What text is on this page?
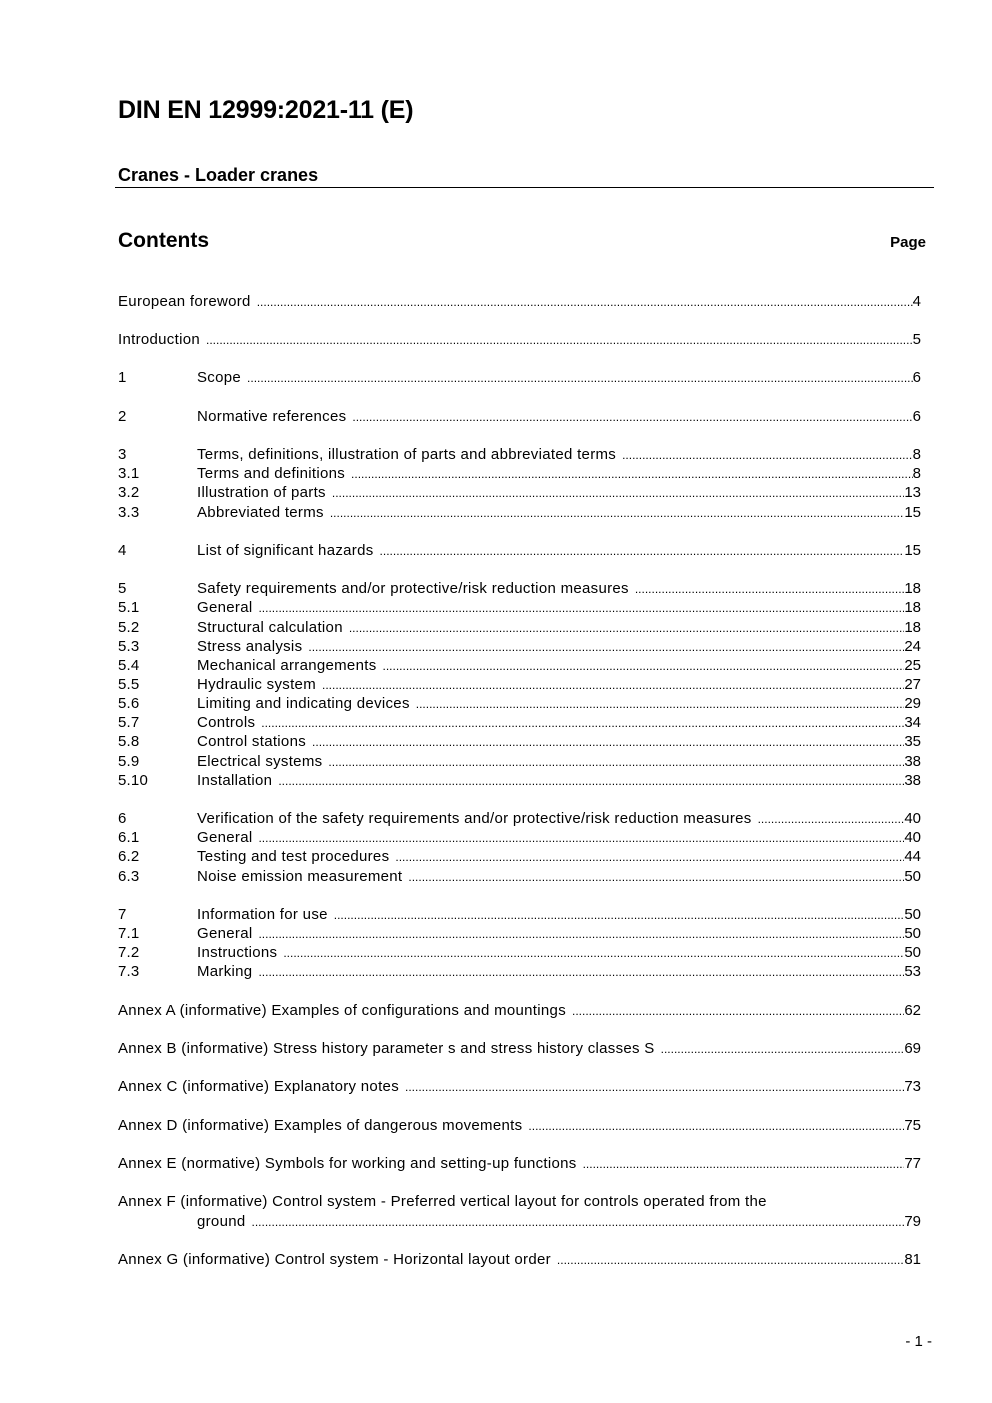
DIN EN 12999:2021-11 (E)
Cranes - Loader cranes
Contents	Page
European foreword .....	4
Introduction .....	5
1	Scope .....	6
2	Normative references .....	6
3	Terms, definitions, illustration of parts and abbreviated terms .....	8
3.1	Terms and definitions .....	8
3.2	Illustration of parts .....	13
3.3	Abbreviated terms .....	15
4	List of significant hazards .....	15
5	Safety requirements and/or protective/risk reduction measures .....	18
5.1	General .....	18
5.2	Structural calculation .....	18
5.3	Stress analysis .....	24
5.4	Mechanical arrangements .....	25
5.5	Hydraulic system .....	27
5.6	Limiting and indicating devices .....	29
5.7	Controls .....	34
5.8	Control stations .....	35
5.9	Electrical systems .....	38
5.10	Installation .....	38
6	Verification of the safety requirements and/or protective/risk reduction measures .....	40
6.1	General .....	40
6.2	Testing and test procedures .....	44
6.3	Noise emission measurement .....	50
7	Information for use .....	50
7.1	General .....	50
7.2	Instructions .....	50
7.3	Marking .....	53
Annex A (informative) Examples of configurations and mountings .....	62
Annex B (informative) Stress history parameter s and stress history classes S .....	69
Annex C (informative) Explanatory notes .....	73
Annex D (informative) Examples of dangerous movements .....	75
Annex E (normative) Symbols for working and setting-up functions .....	77
Annex F (informative) Control system - Preferred vertical layout for controls operated from the
ground .....	79
Annex G (informative) Control system - Horizontal layout order .....	81
- 1 -
